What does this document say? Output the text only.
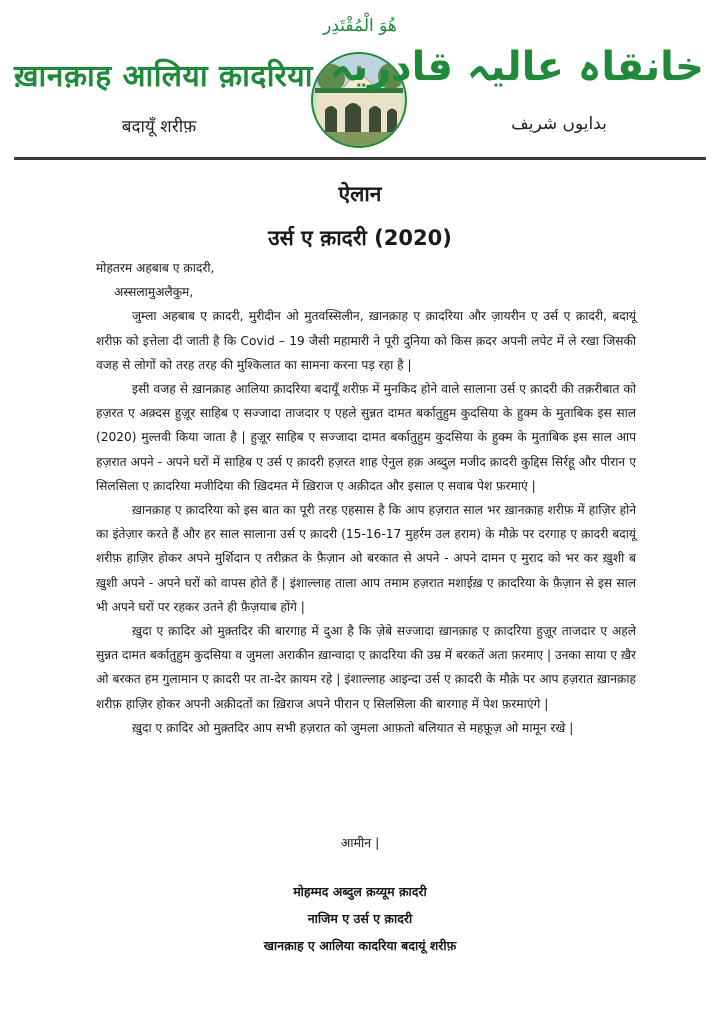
ख़ानक़ाह आलिया क़ादरिया
बदायूँ शरीफ़
هُوَ الْمُقْتَدِر
خانقاہ عالیہ قادریہ
بدایوں شریف
ऐलान
उर्स ए क़ादरी (2020)

मोहतरम अहबाब ए क़ादरी,

अस्सलामुअलैकुम,

जुम्ला अहबाब ए क़ादरी, मुरीदीन ओ मुतवस्सिलीन, ख़ानक़ाह ए क़ादरिया और ज़ायरीन ए उर्स ए क़ादरी, बदायूं शरीफ़ को इत्तेला दी जाती है कि Covid – 19 जैसी महामारी ने पूरी दुनिया को किस क़दर अपनी लपेट में ले रखा जिसकी वजह से लोगों को तरह तरह की मुश्किलात का सामना करना पड़ रहा है |

इसी वजह से ख़ानक़ाह आलिया क़ादरिया बदायूँ शरीफ़ में मुनकिद होने वाले सालाना उर्स ए क़ादरी की तक़रीबात को हज़रत ए अक़्दस हुज़ूर साहिब ए सज्जादा ताजदार ए एहले सुन्नत दामत बर्कातुहुम कुदसिया के हुक्म के मुताबिक इस साल (2020) मुल्तवी किया जाता है | हुज़ूर साहिब ए सज्जादा दामत बर्कातुहुम कुदसिया के हुक्म के मुताबिक इस साल आप हज़रात अपने - अपने घरों में साहिब ए उर्स ए क़ादरी हज़रत शाह ऐनुल हक़ अब्दुल मजीद क़ादरी कुद्दिस सिर्रहू और पीरान ए सिलसिला ए क़ादरिया मजीदिया की ख़िदमत में ख़िराज ए अक़ीदत और इसाल ए सवाब पेश फ़रमाएं |

ख़ानक़ाह ए क़ादरिया को इस बात का पूरी तरह एहसास है कि आप हज़रात साल भर ख़ानक़ाह शरीफ़ में हाज़िर होने का इंतेज़ार करते हैं और हर साल सालाना उर्स ए क़ादरी (15-16-17 मुहर्रम उल हराम) के मौक़े पर दरगाह ए क़ादरी बदायूं शरीफ़ हाज़िर होकर अपने मुर्शिदान ए तरीक़त के फ़ैज़ान ओ बरकात से अपने - अपने दामन ए मुराद को भर कर ख़ुशी ब ख़ुशी अपने - अपने घरों को वापस होते हैं | इंशाल्लाह ताला आप तमाम हज़रात मशाईख़ ए क़ादरिया के फ़ैज़ान से इस साल भी अपने घरों पर रहकर उतने ही फ़ैज़याब होंगे |

ख़ुदा ए क़ादिर ओ मुक़्तदिर की बारगाह में दुआ है कि ज़ेबे सज्जादा ख़ानक़ाह ए क़ादरिया हुज़ूर ताजदार ए अहले सुन्नत दामत बर्कातुहुम कुदसिया व जुमला अराकीन ख़ान्वादा ए क़ादरिया की उम्र में बरकतें अता फ़रमाए | उनका साया ए ख़ैर ओ बरकत हम गुलामान ए क़ादरी पर ता-देर क़ायम रहे | इंशाल्लाह आइन्दा उर्स ए क़ादरी के मौक़े पर आप हज़रात ख़ानक़ाह शरीफ़ हाज़िर होकर अपनी अक़ीदतों का ख़िराज अपने पीरान ए सिलसिला की बारगाह में पेश फ़रमाएंगे |

ख़ुदा ए क़ादिर ओ मुक़्तदिर आप सभी हज़रात को जुमला आफ़तो बलियात से महफ़ूज़ ओ मामून रखे |

आमीन |
मोहम्मद अब्दुल क़य्यूम क़ादरी
नाजिम ए उर्स ए क़ादरी
खानक़ाह ए आलिया कादरिया बदायूं शरीफ़
